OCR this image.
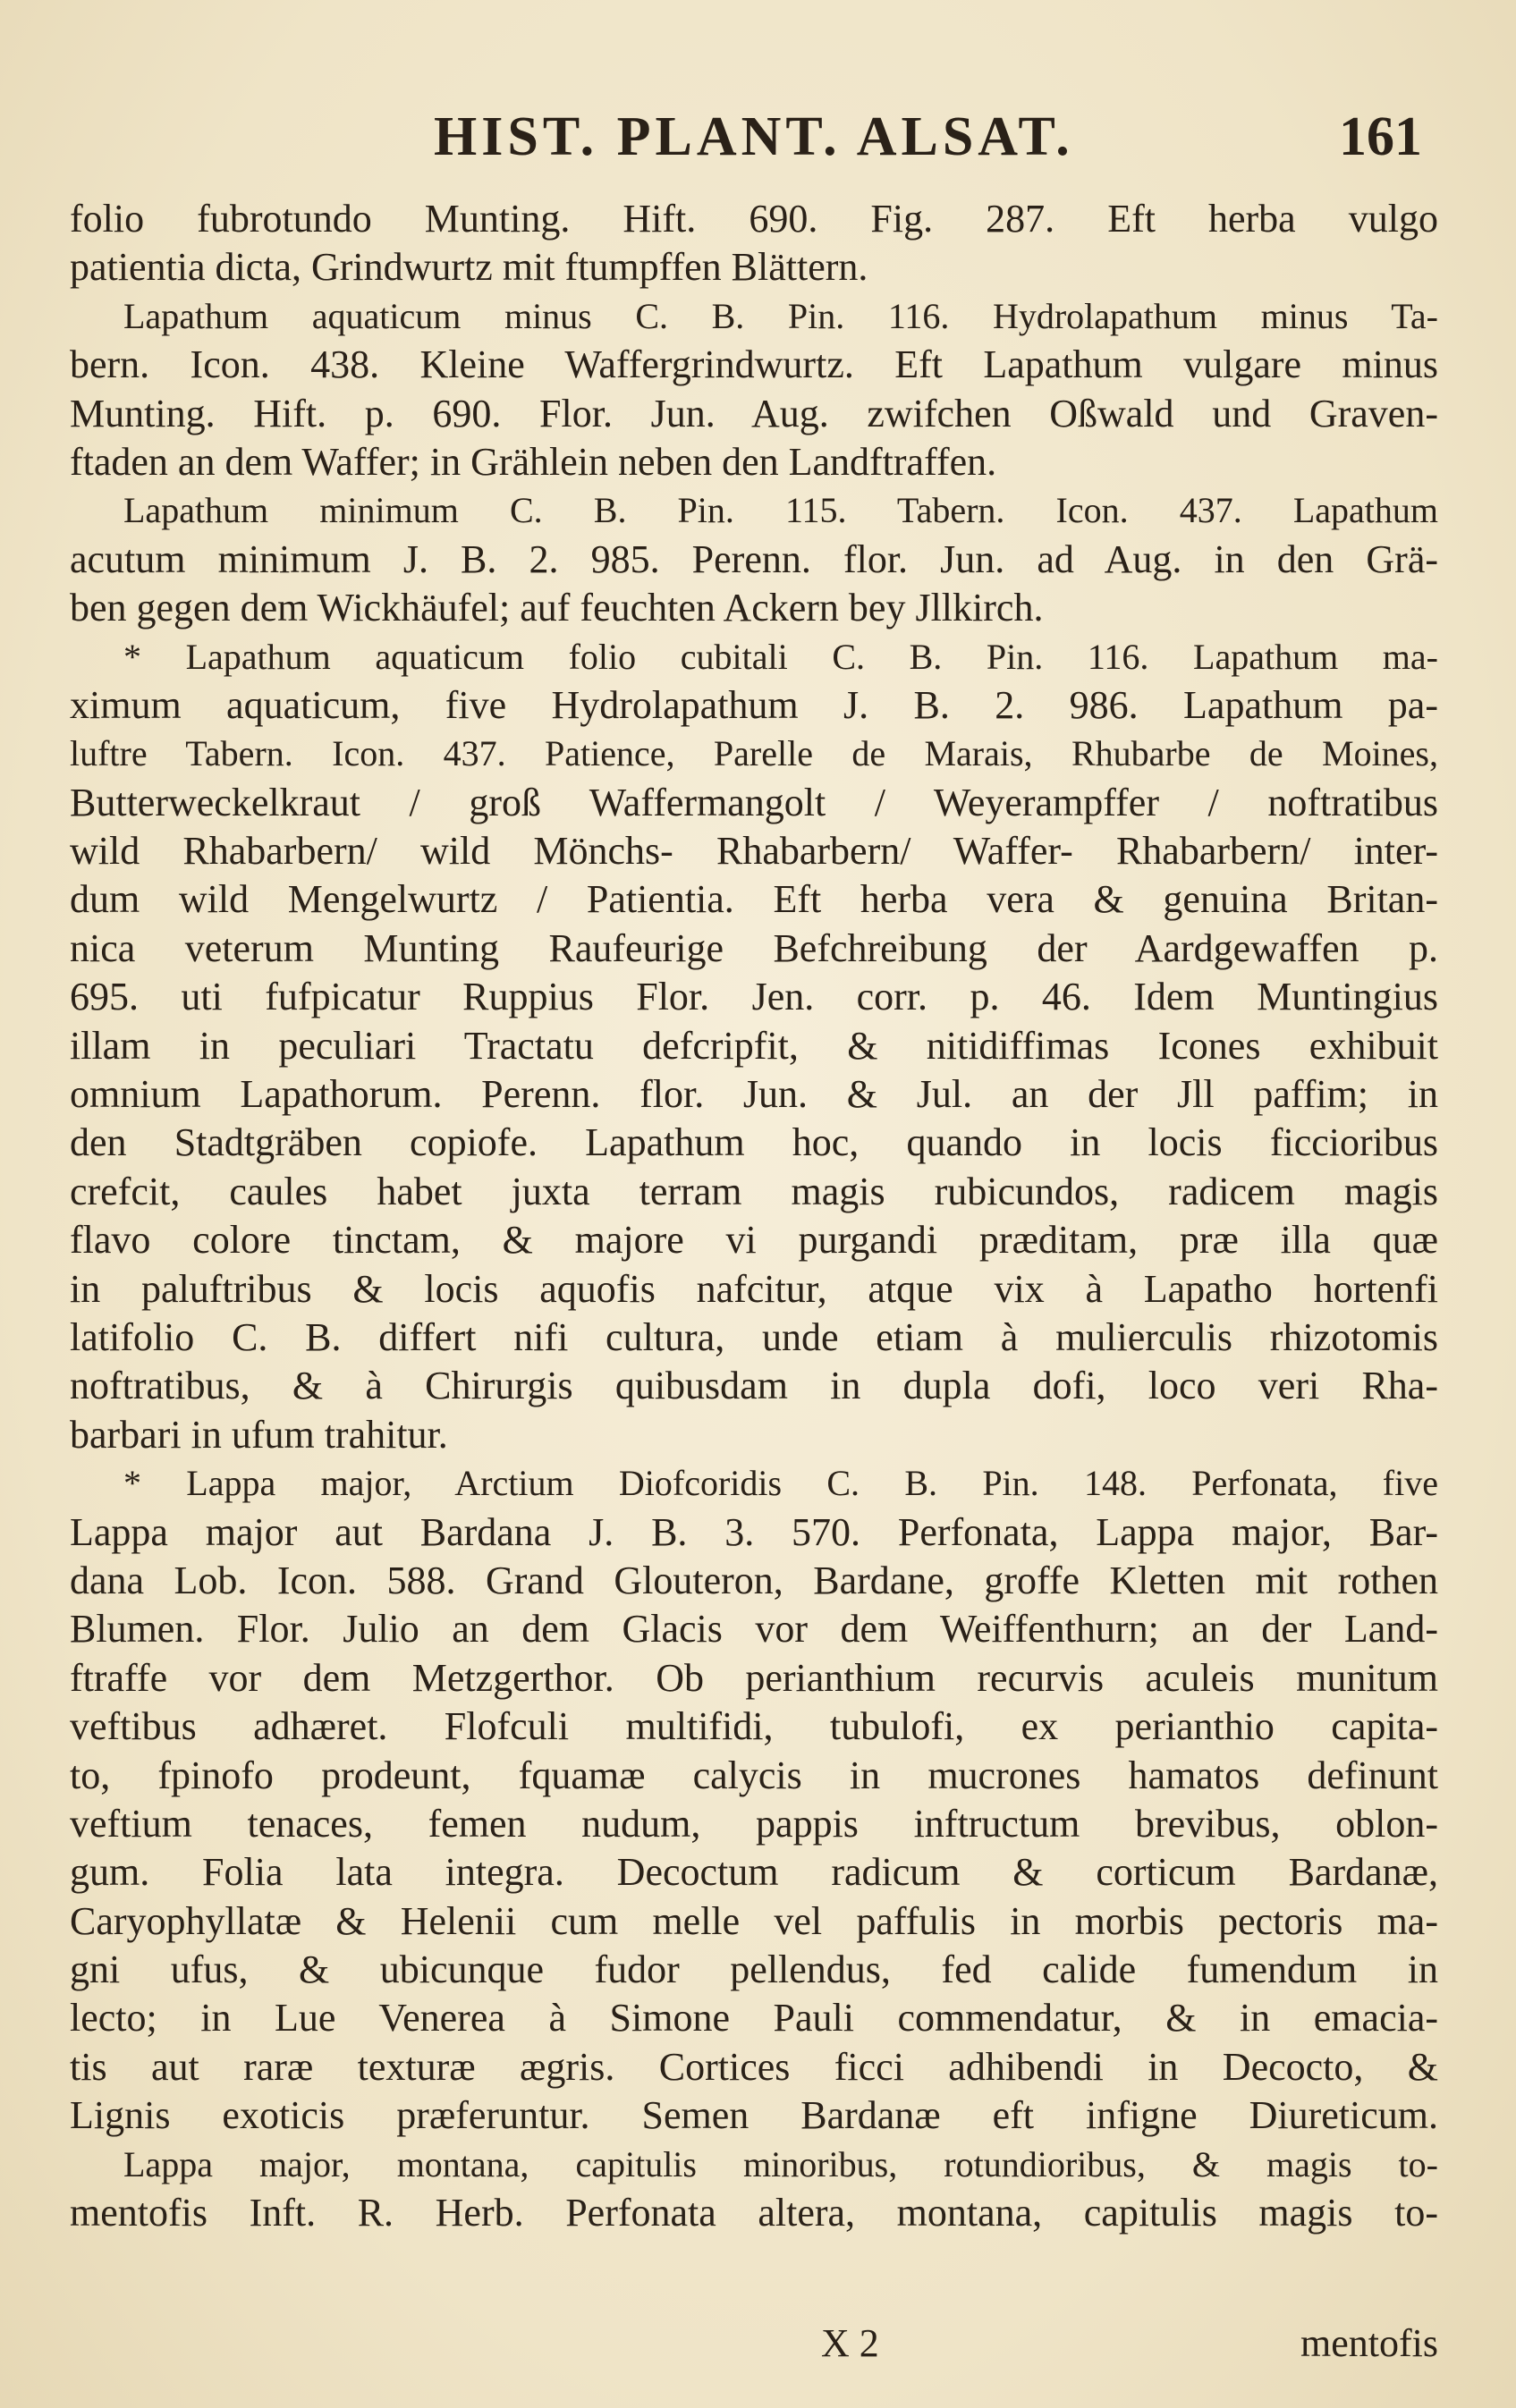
HIST. PLANT. ALSAT.	161
folio fubrotundo Munting. Hift. 690. Fig. 287. Eft herba vulgo
patientia dicta, Grindwurtz mit ftumpffen Blättern.
Lapathum aquaticum minus C. B. Pin. 116. Hydrolapathum minus Ta-
bern. Icon. 438. Kleine Waffergrindwurtz. Eft Lapathum vulgare minus
Munting. Hift. p. 690. Flor. Jun. Aug. zwifchen Oßwald und Graven-
ftaden an dem Waffer; in Grählein neben den Landftraffen.
Lapathum minimum C. B. Pin. 115. Tabern. Icon. 437. Lapathum
acutum minimum J. B. 2. 985. Perenn. flor. Jun. ad Aug. in den Grä-
ben gegen dem Wickhäufel; auf feuchten Ackern bey Jllkirch.
* Lapathum aquaticum folio cubitali C. B. Pin. 116. Lapathum ma-
ximum aquaticum, five Hydrolapathum J. B. 2. 986. Lapathum pa-
luftre Tabern. Icon. 437. Patience, Parelle de Marais, Rhubarbe de Moines,
Butterweckelkraut / groß Waffermangolt / Weyerampffer / noftratibus
wild Rhabarbern/ wild Mönchs- Rhabarbern/ Waffer- Rhabarbern/ inter-
dum wild Mengelwurtz / Patientia. Eft herba vera & genuina Britan-
nica veterum Munting Raufeurige Befchreibung der Aardgewaffen p.
695. uti fufpicatur Ruppius Flor. Jen. corr. p. 46. Idem Muntingius
illam in peculiari Tractatu defcripfit, & nitidiffimas Icones exhibuit
omnium Lapathorum. Perenn. flor. Jun. & Jul. an der Jll paffim; in
den Stadtgräben copiofe. Lapathum hoc, quando in locis ficcioribus
crefcit, caules habet juxta terram magis rubicundos, radicem magis
flavo colore tinctam, & majore vi purgandi præditam, præ illa quæ
in paluftribus & locis aquofis nafcitur, atque vix à Lapatho hortenfi
latifolio C. B. differt nifi cultura, unde etiam à mulierculis rhizotomis
noftratibus, & à Chirurgis quibusdam in dupla dofi, loco veri Rha-
barbari in ufum trahitur.
* Lappa major, Arctium Diofcoridis C. B. Pin. 148. Perfonata, five
Lappa major aut Bardana J. B. 3. 570. Perfonata, Lappa major, Bar-
dana Lob. Icon. 588. Grand Glouteron, Bardane, groffe Kletten mit rothen
Blumen. Flor. Julio an dem Glacis vor dem Weiffenthurn; an der Land-
ftraffe vor dem Metzgerthor. Ob perianthium recurvis aculeis munitum
veftibus adhæret. Flofculi multifidi, tubulofi, ex perianthio capita-
to, fpinofo prodeunt, fquamæ calycis in mucrones hamatos definunt
veftium tenaces, femen nudum, pappis inftructum brevibus, oblon-
gum. Folia lata integra. Decoctum radicum & corticum Bardanæ,
Caryophyllatæ & Helenii cum melle vel paffulis in morbis pectoris ma-
gni ufus, & ubicunque fudor pellendus, fed calide fumendum in
lecto; in Lue Venerea à Simone Pauli commendatur, & in emacia-
tis aut raræ texturæ ægris. Cortices ficci adhibendi in Decocto, &
Lignis exoticis præferuntur. Semen Bardanæ eft infigne Diureticum.
Lappa major, montana, capitulis minoribus, rotundioribus, & magis to-
mentofis Inft. R. Herb. Perfonata altera, montana, capitulis magis to-
X 2	mentofis
